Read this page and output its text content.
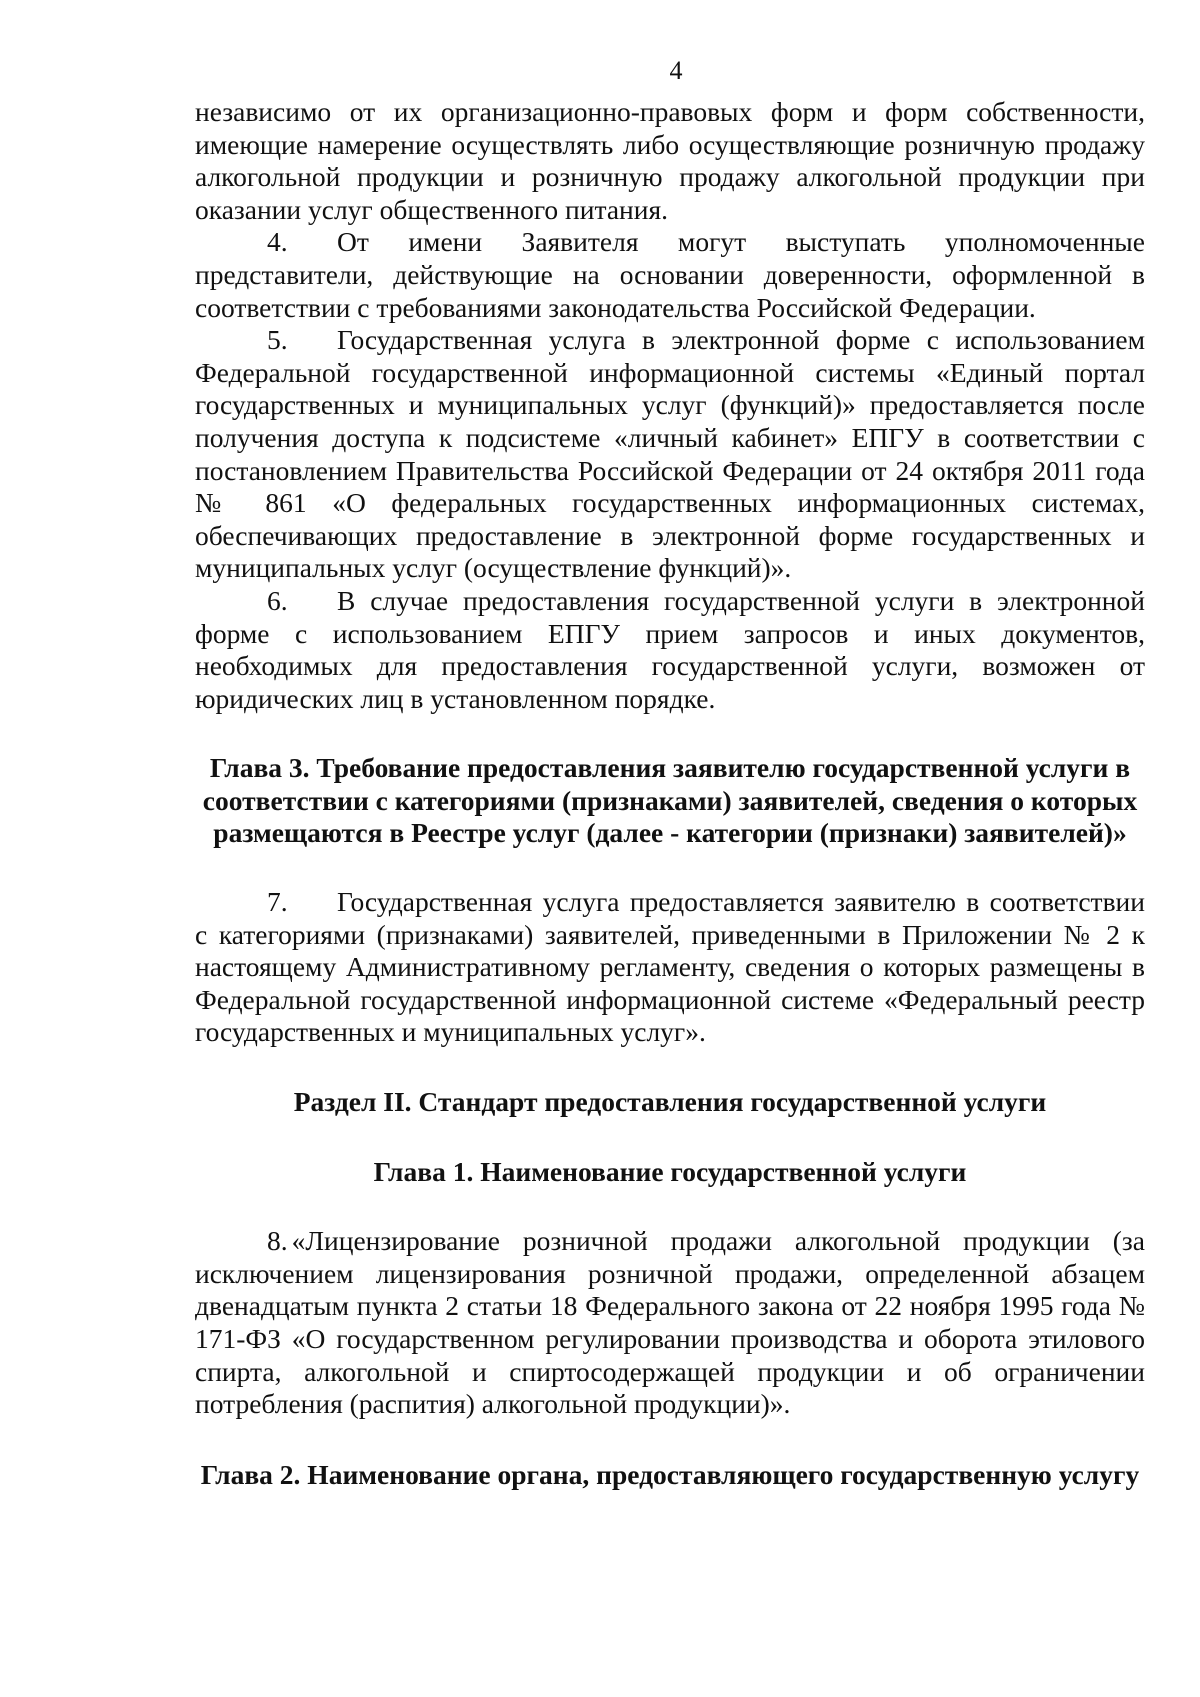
4

независимо от их организационно-правовых форм и форм собственности, имеющие намерение осуществлять либо осуществляющие розничную продажу алкогольной продукции и розничную продажу алкогольной продукции при оказании услуг общественного питания.

4. От имени Заявителя могут выступать уполномоченные представители, действующие на основании доверенности, оформленной в соответствии с требованиями законодательства Российской Федерации.

5. Государственная услуга в электронной форме с использованием Федеральной государственной информационной системы «Единый портал государственных и муниципальных услуг (функций)» предоставляется после получения доступа к подсистеме «личный кабинет» ЕПГУ в соответствии с постановлением Правительства Российской Федерации от 24 октября 2011 года № 861 «О федеральных государственных информационных системах, обеспечивающих предоставление в электронной форме государственных и муниципальных услуг (осуществление функций)».

6. В случае предоставления государственной услуги в электронной форме с использованием ЕПГУ прием запросов и иных документов, необходимых для предоставления государственной услуги, возможен от юридических лиц в установленном порядке.

Глава 3. Требование предоставления заявителю государственной услуги в соответствии с категориями (признаками) заявителей, сведения о которых размещаются в Реестре услуг (далее - категории (признаки) заявителей)»

7. Государственная услуга предоставляется заявителю в соответствии с категориями (признаками) заявителей, приведенными в Приложении № 2 к настоящему Административному регламенту, сведения о которых размещены в Федеральной государственной информационной системе «Федеральный реестр государственных и муниципальных услуг».

Раздел II. Стандарт предоставления государственной услуги
Глава 1. Наименование государственной услуги

8. «Лицензирование розничной продажи алкогольной продукции (за исключением лицензирования розничной продажи, определенной абзацем двенадцатым пункта 2 статьи 18 Федерального закона от 22 ноября 1995 года № 171-ФЗ «О государственном регулировании производства и оборота этилового спирта, алкогольной и спиртосодержащей продукции и об ограничении потребления (распития) алкогольной продукции)».

Глава 2. Наименование органа, предоставляющего государственную услугу
